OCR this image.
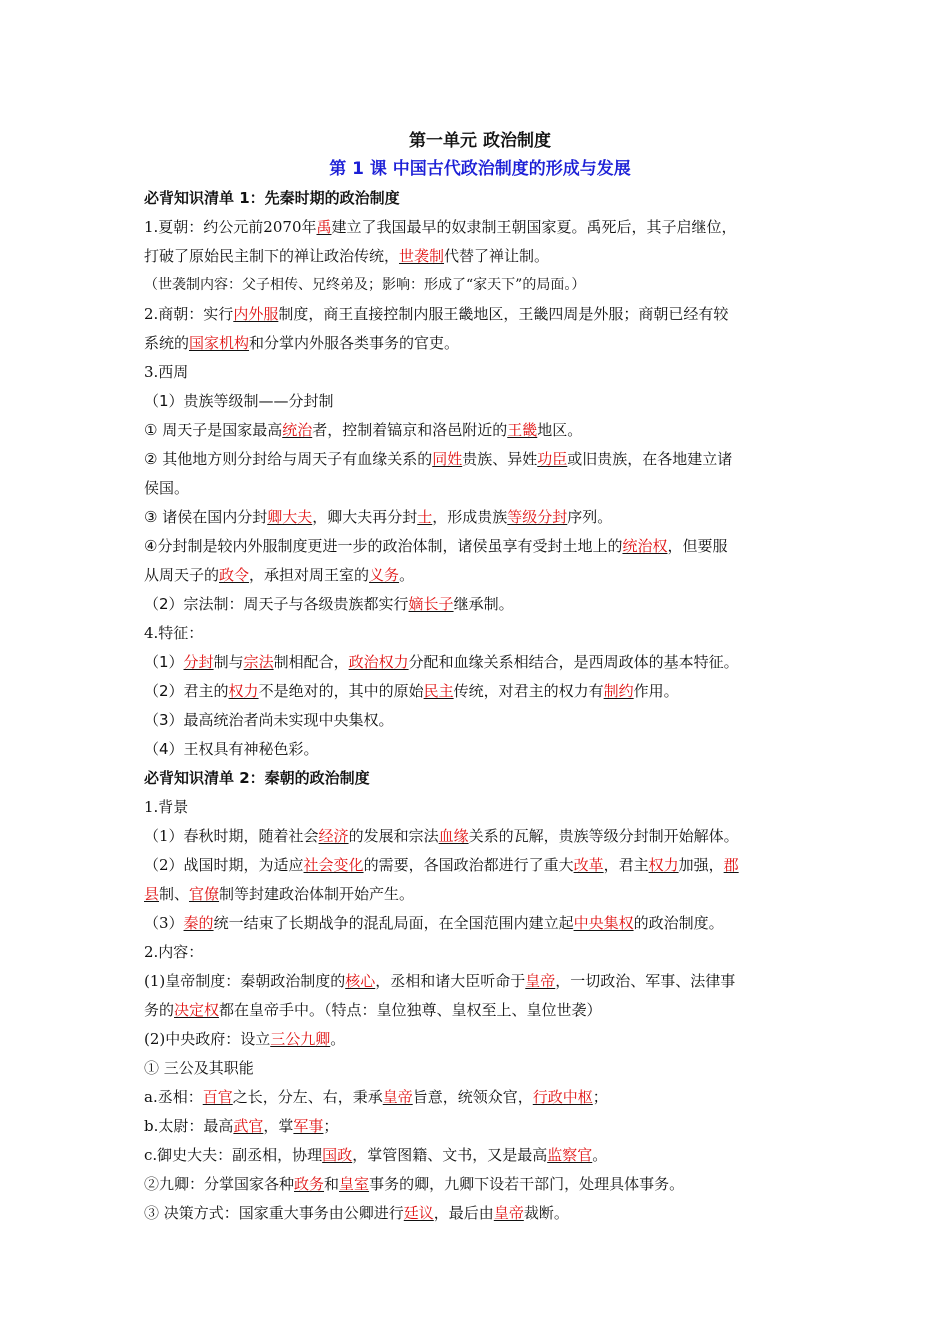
第一单元 政治制度
第 1 课 中国古代政治制度的形成与发展
必背知识清单 1：先秦时期的政治制度
1.夏朝：约公元前2070年禹建立了我国最早的奴隶制王朝国家夏。禹死后，其子启继位，
打破了原始民主制下的禅让政治传统，世袭制代替了禅让制。
（世袭制内容：父子相传、兄终弟及；影响：形成了“家天下”的局面。）
2.商朝：实行内外服制度，商王直接控制内服王畿地区，王畿四周是外服；商朝已经有较
系统的国家机构和分掌内外服各类事务的官吏。
3.西周
（1）贵族等级制——分封制
① 周天子是国家最高统治者，控制着镐京和洛邑附近的王畿地区。
② 其他地方则分封给与周天子有血缘关系的同姓贵族、异姓功臣或旧贵族，在各地建立诸
侯国。
③ 诸侯在国内分封卿大夫，卿大夫再分封士，形成贵族等级分封序列。
④分封制是较内外服制度更进一步的政治体制，诸侯虽享有受封土地上的统治权，但要服
从周天子的政令，承担对周王室的义务。
（2）宗法制：周天子与各级贵族都实行嫡长子继承制。
4.特征：
（1）分封制与宗法制相配合，政治权力分配和血缘关系相结合，是西周政体的基本特征。
（2）君主的权力不是绝对的，其中的原始民主传统，对君主的权力有制约作用。
（3）最高统治者尚未实现中央集权。
（4）王权具有神秘色彩。
必背知识清单 2：秦朝的政治制度
1.背景
（1）春秋时期，随着社会经济的发展和宗法血缘关系的瓦解，贵族等级分封制开始解体。
（2）战国时期，为适应社会变化的需要，各国政治都进行了重大改革，君主权力加强，郡
县制、官僚制等封建政治体制开始产生。
（3）秦的统一结束了长期战争的混乱局面，在全国范围内建立起中央集权的政治制度。
2.内容：
(1)皇帝制度：秦朝政治制度的核心，丞相和诸大臣听命于皇帝，一切政治、军事、法律事
务的决定权都在皇帝手中。（特点：皇位独尊、皇权至上、皇位世袭）
(2)中央政府：设立三公九卿。
① 三公及其职能
a.丞相：百官之长，分左、右，秉承皇帝旨意，统领众官，行政中枢；
b.太尉：最高武官，掌军事；
c.御史大夫：副丞相，协理国政，掌管图籍、文书，又是最高监察官。
②九卿：分掌国家各种政务和皇室事务的卿，九卿下设若干部门，处理具体事务。
③ 决策方式：国家重大事务由公卿进行廷议，最后由皇帝裁断。
